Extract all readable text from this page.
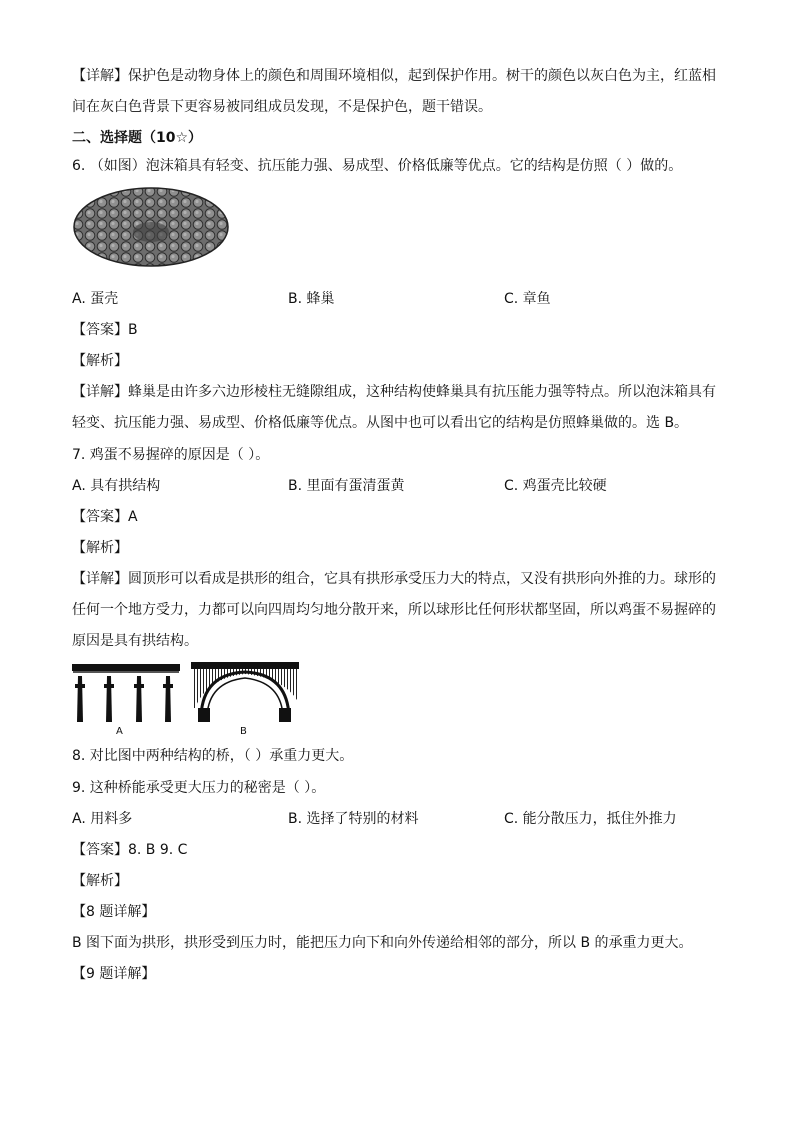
【详解】保护色是动物身体上的颜色和周围环境相似，起到保护作用。树干的颜色以灰白色为主，红蓝相
间在灰白色背景下更容易被同组成员发现，不是保护色，题干错误。
二、选择题（10☆）
6. （如图）泡沫箱具有轻变、抗压能力强、易成型、价格低廉等优点。它的结构是仿照（ ）做的。
A. 蛋壳	B. 蜂巢	C. 章鱼
【答案】B
【解析】
【详解】蜂巢是由许多六边形棱柱无缝隙组成，这种结构使蜂巢具有抗压能力强等特点。所以泡沫箱具有
轻变、抗压能力强、易成型、价格低廉等优点。从图中也可以看出它的结构是仿照蜂巢做的。选 B。
7. 鸡蛋不易握碎的原因是（ ）。
A. 具有拱结构	B. 里面有蛋清蛋黄	C. 鸡蛋壳比较硬
【答案】A
【解析】
【详解】圆顶形可以看成是拱形的组合，它具有拱形承受压力大的特点，又没有拱形向外推的力。球形的
任何一个地方受力，力都可以向四周均匀地分散开来，所以球形比任何形状都坚固，所以鸡蛋不易握碎的
原因是具有拱结构。
A	B
8. 对比图中两种结构的桥，（ ）承重力更大。
9. 这种桥能承受更大压力的秘密是（ ）。
A. 用料多	B. 选择了特别的材料	C. 能分散压力，抵住外推力
【答案】8. B 9. C
【解析】
【8 题详解】
B 图下面为拱形，拱形受到压力时，能把压力向下和向外传递给相邻的部分，所以 B 的承重力更大。
【9 题详解】
